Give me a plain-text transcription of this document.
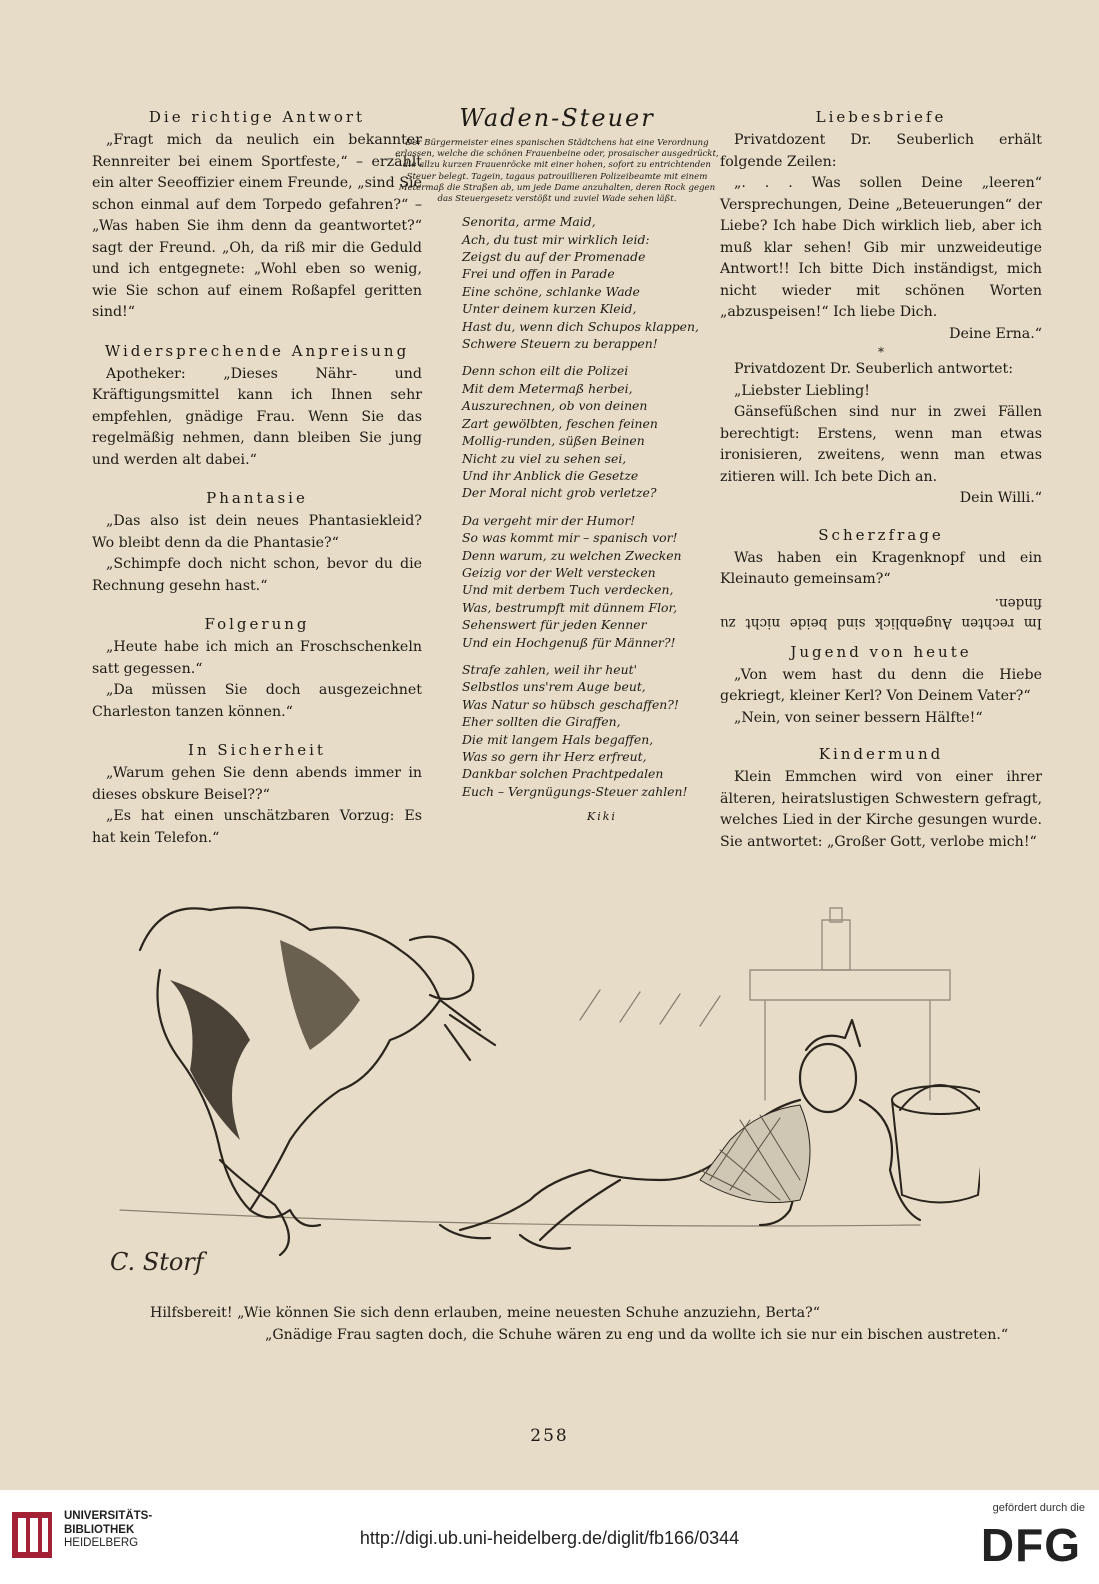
Die richtige Antwort

„Fragt mich da neulich ein bekannter Rennreiter bei einem Sportfeste,“ – erzählt ein alter Seeoffizier einem Freunde, „sind Sie schon einmal auf dem Torpedo gefahren?“ – „Was haben Sie ihm denn da geantwortet?“ sagt der Freund. „Oh, da riß mir die Geduld und ich entgegnete: „Wohl eben so wenig, wie Sie schon auf einem Roßapfel geritten sind!“

Widersprechende Anpreisung

Apotheker: „Dieses Nähr- und Kräftigungsmittel kann ich Ihnen sehr empfehlen, gnädige Frau. Wenn Sie das regelmäßig nehmen, dann bleiben Sie jung und werden alt dabei.“

Phantasie

„Das also ist dein neues Phantasiekleid? Wo bleibt denn da die Phantasie?“

„Schimpfe doch nicht schon, bevor du die Rechnung gesehn hast.“

Folgerung

„Heute habe ich mich an Froschschenkeln satt gegessen.“

„Da müssen Sie doch ausgezeichnet Charleston tanzen können.“

In Sicherheit

„Warum gehen Sie denn abends immer in dieses obskure Beisel??“

„Es hat einen unschätzbaren Vorzug: Es hat kein Telefon.“

Waden-Steuer

Der Bürgermeister eines spanischen Städtchens hat eine Verordnung erlassen, welche die schönen Frauenbeine oder, prosaischer ausgedrückt, die allzu kurzen Frauenröcke mit einer hohen, sofort zu entrichtenden Steuer belegt. Tagein, tagaus patrouillieren Polizeibeamte mit einem Metermaß die Straßen ab, um jede Dame anzuhalten, deren Rock gegen das Steuergesetz verstößt und zuviel Wade sehen läßt.

Senorita, arme Maid,

Ach, du tust mir wirklich leid:

Zeigst du auf der Promenade

Frei und offen in Parade

Eine schöne, schlanke Wade

Unter deinem kurzen Kleid,

Hast du, wenn dich Schupos klappen,

Schwere Steuern zu berappen!

Denn schon eilt die Polizei

Mit dem Metermaß herbei,

Auszurechnen, ob von deinen

Zart gewölbten, feschen feinen

Mollig-runden, süßen Beinen

Nicht zu viel zu sehen sei,

Und ihr Anblick die Gesetze

Der Moral nicht grob verletze?

Da vergeht mir der Humor!

So was kommt mir – spanisch vor!

Denn warum, zu welchen Zwecken

Geizig vor der Welt verstecken

Und mit derbem Tuch verdecken,

Was, bestrumpft mit dünnem Flor,

Sehenswert für jeden Kenner

Und ein Hochgenuß für Männer?!

Strafe zahlen, weil ihr heut'

Selbstlos uns'rem Auge beut,

Was Natur so hübsch geschaffen?!

Eher sollten die Giraffen,

Die mit langem Hals begaffen,

Was so gern ihr Herz erfreut,

Dankbar solchen Prachtpedalen

Euch – Vergnügungs-Steuer zahlen!

Kiki
Liebesbriefe

Privatdozent Dr. Seuberlich erhält folgende Zeilen:

„. . . Was sollen Deine „leeren“ Versprechungen, Deine „Beteuerungen“ der Liebe? Ich habe Dich wirklich lieb, aber ich muß klar sehen! Gib mir unzweideutige Antwort!! Ich bitte Dich inständigst, mich nicht wieder mit schönen Worten „abzuspeisen!“ Ich liebe Dich.

Deine Erna.“

*

Privatdozent Dr. Seuberlich antwortet:

„Liebster Liebling!

Gänsefüßchen sind nur in zwei Fällen berechtigt: Erstens, wenn man etwas ironisieren, zweitens, wenn man etwas zitieren will. Ich bete Dich an.

Dein Willi.“

Scherzfrage

Was haben ein Kragenknopf und ein Kleinauto gemeinsam?“

Im rechten Augenblick sind beide nicht zu finden.

Jugend von heute

„Von wem hast du denn die Hiebe gekriegt, kleiner Kerl? Von Deinem Vater?“

„Nein, von seiner bessern Hälfte!“

Kindermund

Klein Emmchen wird von einer ihrer älteren, heiratslustigen Schwestern gefragt, welches Lied in der Kirche gesungen wurde. Sie antwortet: „Großer Gott, verlobe mich!“

C. Storf

Hilfsbereit! „Wie können Sie sich denn erlauben, meine neuesten Schuhe anzuziehn, Berta?“

„Gnädige Frau sagten doch, die Schuhe wären zu eng und da wollte ich sie nur ein bischen austreten.“

258
UNIVERSITÄTS-
BIBLIOTHEK
HEIDELBERG	http://digi.ub.uni-heidelberg.de/diglit/fb166/0344
gefördert durch die
DFG
